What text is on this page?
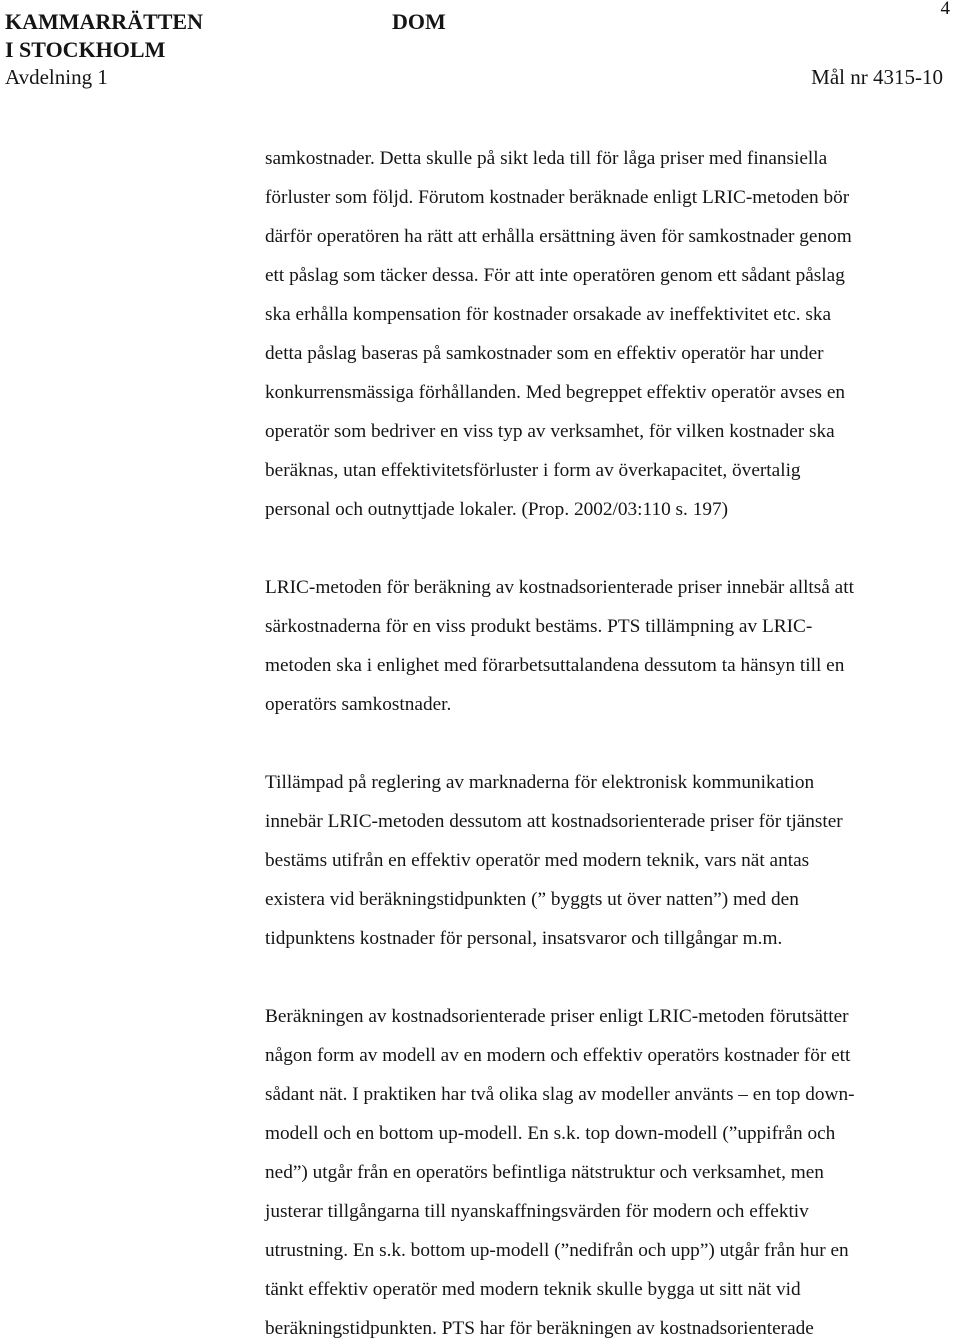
KAMMARRÄTTEN
I STOCKHOLM
DOM
Avdelning 1	Mål nr 4315-10
4
samkostnader. Detta skulle på sikt leda till för låga priser med finansiella
förluster som följd. Förutom kostnader beräknade enligt LRIC-metoden bör
därför operatören ha rätt att erhålla ersättning även för samkostnader genom
ett påslag som täcker dessa. För att inte operatören genom ett sådant påslag
ska erhålla kompensation för kostnader orsakade av ineffektivitet etc. ska
detta påslag baseras på samkostnader som en effektiv operatör har under
konkurrensmässiga förhållanden. Med begreppet effektiv operatör avses en
operatör som bedriver en viss typ av verksamhet, för vilken kostnader ska
beräknas, utan effektivitetsförluster i form av överkapacitet, övertalig
personal och outnyttjade lokaler. (Prop. 2002/03:110 s. 197)
LRIC-metoden för beräkning av kostnadsorienterade priser innebär alltså att
särkostnaderna för en viss produkt bestäms. PTS tillämpning av LRIC-
metoden ska i enlighet med förarbetsuttalandena dessutom ta hänsyn till en
operatörs samkostnader.
Tillämpad på reglering av marknaderna för elektronisk kommunikation
innebär LRIC-metoden dessutom att kostnadsorienterade priser för tjänster
bestäms utifrån en effektiv operatör med modern teknik, vars nät antas
existera vid beräkningstidpunkten (” byggts ut över natten”) med den
tidpunktens kostnader för personal, insatsvaror och tillgångar m.m.
Beräkningen av kostnadsorienterade priser enligt LRIC-metoden förutsätter
någon form av modell av en modern och effektiv operatörs kostnader för ett
sådant nät. I praktiken har två olika slag av modeller använts – en top down-
modell och en bottom up-modell. En s.k. top down-modell (”uppifrån och
ned”) utgår från en operatörs befintliga nätstruktur och verksamhet, men
justerar tillgångarna till nyanskaffningsvärden för modern och effektiv
utrustning. En s.k. bottom up-modell (”nedifrån och upp”) utgår från hur en
tänkt effektiv operatör med modern teknik skulle bygga ut sitt nät vid
beräkningstidpunkten. PTS har för beräkningen av kostnadsorienterade
